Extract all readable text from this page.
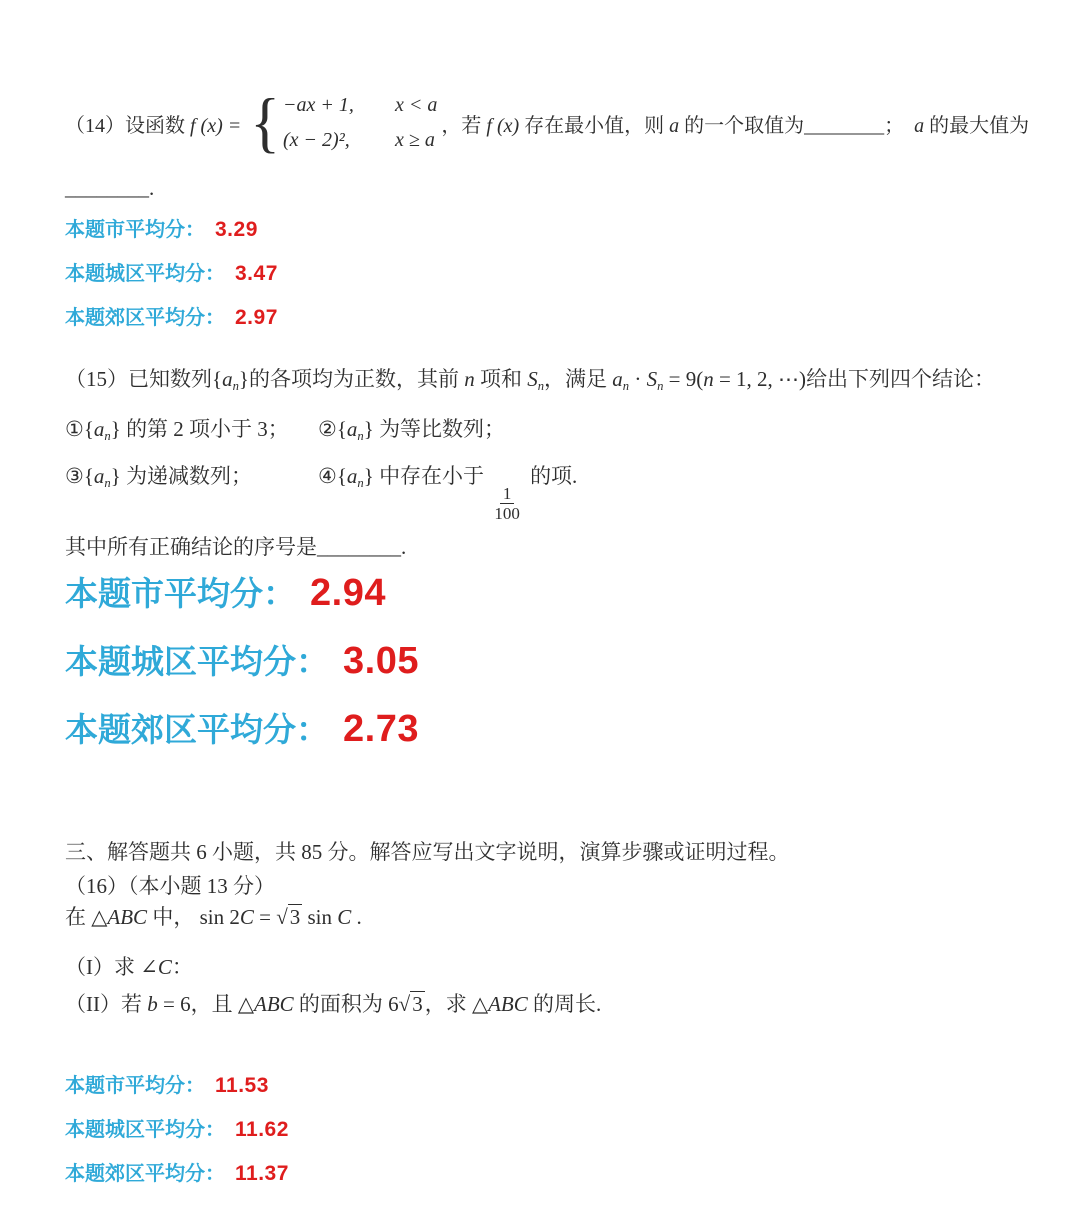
（14）设函数 f (x) = { −ax + 1,	x < a
(x − 2)²,	x ≥ a
，若 f (x) 存在最小值，则 a 的一个取值为________；  a 的最大值为
________.
本题市平均分： 3.29
本题城区平均分： 3.47
本题郊区平均分： 2.97
（15）已知数列{an}的各项均为正数，其前 n 项和 Sn，满足 an · Sn = 9(n = 1, 2, ⋯)给出下列四个结论：
①{an} 的第 2 项小于 3；	②{an} 为等比数列；
③{an} 为递减数列；	④{an} 中存在小于
$\frac{1}{100}$
的项.
其中所有正确结论的序号是________.
本题市平均分： 2.94
本题城区平均分： 3.05
本题郊区平均分： 2.73
三、解答题共 6 小题，共 85 分。解答应写出文字说明，演算步骤或证明过程。
（16）（本小题 13 分）
在 △ABC 中， sin 2C = √3 sin C .
（I）求 ∠C：
（II）若 b = 6，且 △ABC 的面积为 6√3，求 △ABC 的周长.
本题市平均分： 11.53
本题城区平均分： 11.62
本题郊区平均分： 11.37
